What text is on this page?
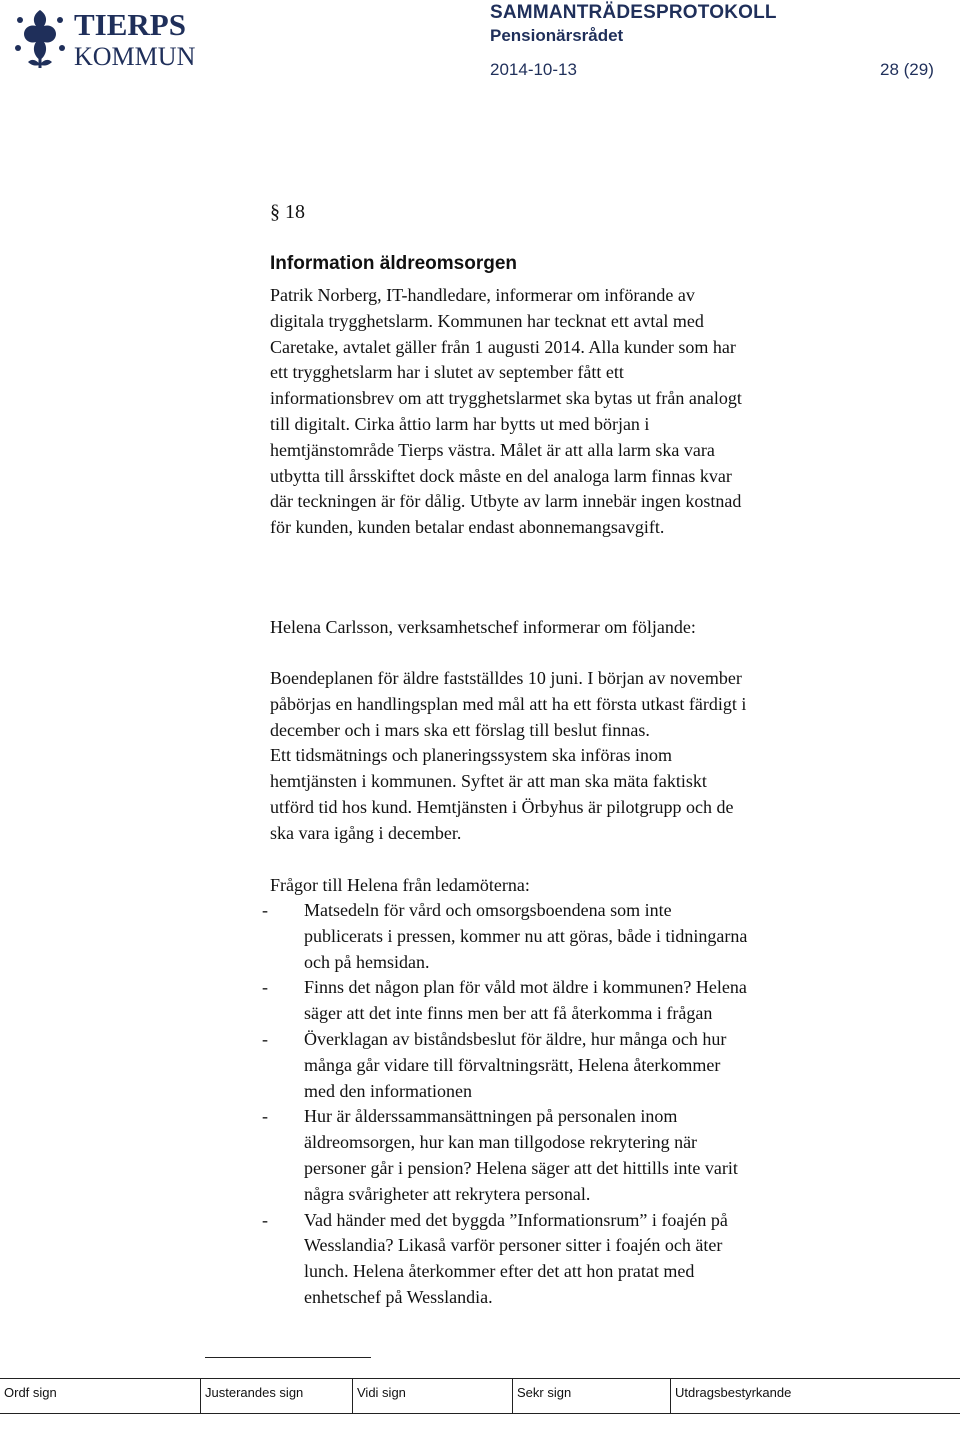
TIERPS
KOMMUN
SAMMANTRÄDESPROTOKOLL
Pensionärsrådet
2014-10-13	28 (29)
§ 18
Information äldreomsorgen
Patrik Norberg, IT-handledare, informerar om införande av
digitala trygghetslarm. Kommunen har tecknat ett avtal med
Caretake, avtalet gäller från 1 augusti 2014. Alla kunder som har
ett trygghetslarm har i slutet av september fått ett
informationsbrev om att trygghetslarmet ska bytas ut från analogt
till digitalt. Cirka åttio larm har bytts ut med början i
hemtjänstområde Tierps västra. Målet är att alla larm ska vara
utbytta till årsskiftet dock måste en del analoga larm finnas kvar
där teckningen är för dålig. Utbyte av larm innebär ingen kostnad
för kunden, kunden betalar endast abonnemangsavgift.
Helena Carlsson, verksamhetschef informerar om följande:
Boendeplanen för äldre fastställdes 10 juni. I början av november
påbörjas en handlingsplan med mål att ha ett första utkast färdigt i
december och i mars ska ett förslag till beslut finnas.
Ett tidsmätnings och planeringssystem ska införas inom
hemtjänsten i kommunen. Syftet är att man ska mäta faktiskt
utförd tid hos kund. Hemtjänsten i Örbyhus är pilotgrupp och de
ska vara igång i december.
Frågor till Helena från ledamöterna:
- Matsedeln för vård och omsorgsboendena som inte
publicerats i pressen, kommer nu att göras, både i tidningarna
och på hemsidan.
- Finns det någon plan för våld mot äldre i kommunen? Helena
säger att det inte finns men ber att få återkomma i frågan
- Överklagan av biståndsbeslut för äldre, hur många och hur
många går vidare till förvaltningsrätt, Helena återkommer
med den informationen
- Hur är ålderssammansättningen på personalen inom
äldreomsorgen, hur kan man tillgodose rekrytering när
personer går i pension? Helena säger att det hittills inte varit
några svårigheter att rekrytera personal.
- Vad händer med det byggda ”Informationsrum” i foajén på
Wesslandia? Likaså varför personer sitter i foajén och äter
lunch. Helena återkommer efter det att hon pratat med
enhetschef på Wesslandia.
Ordf sign	Justerandes sign	Vidi sign	Sekr sign	Utdragsbestyrkande
